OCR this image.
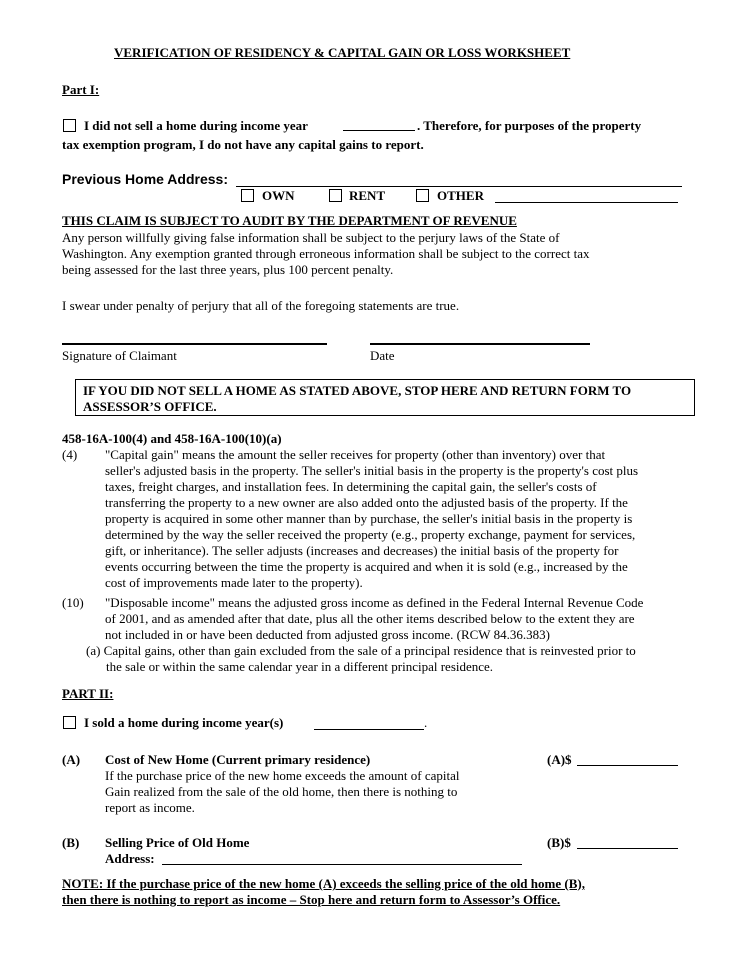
VERIFICATION OF RESIDENCY & CAPITAL GAIN OR LOSS WORKSHEET
Part I:
I did not sell a home during income year	. Therefore, for purposes of the property
tax exemption program, I do not have any capital gains to report.
Previous Home Address:
OWN	RENT	OTHER
THIS CLAIM IS SUBJECT TO AUDIT BY THE DEPARTMENT OF REVENUE
Any person willfully giving false information shall be subject to the perjury laws of the State of
Washington. Any exemption granted through erroneous information shall be subject to the correct tax
being assessed for the last three years, plus 100 percent penalty.
I swear under penalty of perjury that all of the foregoing statements are true.
Signature of Claimant	Date
IF YOU DID NOT SELL A HOME AS STATED ABOVE, STOP HERE AND RETURN FORM TO
ASSESSOR’S OFFICE.
458-16A-100(4) and 458-16A-100(10)(a)
(4) "Capital gain" means the amount the seller receives for property (other than inventory) over that
seller's adjusted basis in the property. The seller's initial basis in the property is the property's cost plus
taxes, freight charges, and installation fees. In determining the capital gain, the seller's costs of
transferring the property to a new owner are also added onto the adjusted basis of the property. If the
property is acquired in some other manner than by purchase, the seller's initial basis in the property is
determined by the way the seller received the property (e.g., property exchange, payment for services,
gift, or inheritance). The seller adjusts (increases and decreases) the initial basis of the property for
events occurring between the time the property is acquired and when it is sold (e.g., increased by the
cost of improvements made later to the property).
(10) "Disposable income" means the adjusted gross income as defined in the Federal Internal Revenue Code
of 2001, and as amended after that date, plus all the other items described below to the extent they are
not included in or have been deducted from adjusted gross income. (RCW 84.36.383)
(a) Capital gains, other than gain excluded from the sale of a principal residence that is reinvested prior to
the sale or within the same calendar year in a different principal residence.
PART II:
I sold a home during income year(s)	.
(A) Cost of New Home (Current primary residence)
If the purchase price of the new home exceeds the amount of capital
Gain realized from the sale of the old home, then there is nothing to
report as income.
(A)$
(B) Selling Price of Old Home
Address:
(B)$
NOTE: If the purchase price of the new home (A) exceeds the selling price of the old home (B),
then there is nothing to report as income – Stop here and return form to Assessor’s Office.
